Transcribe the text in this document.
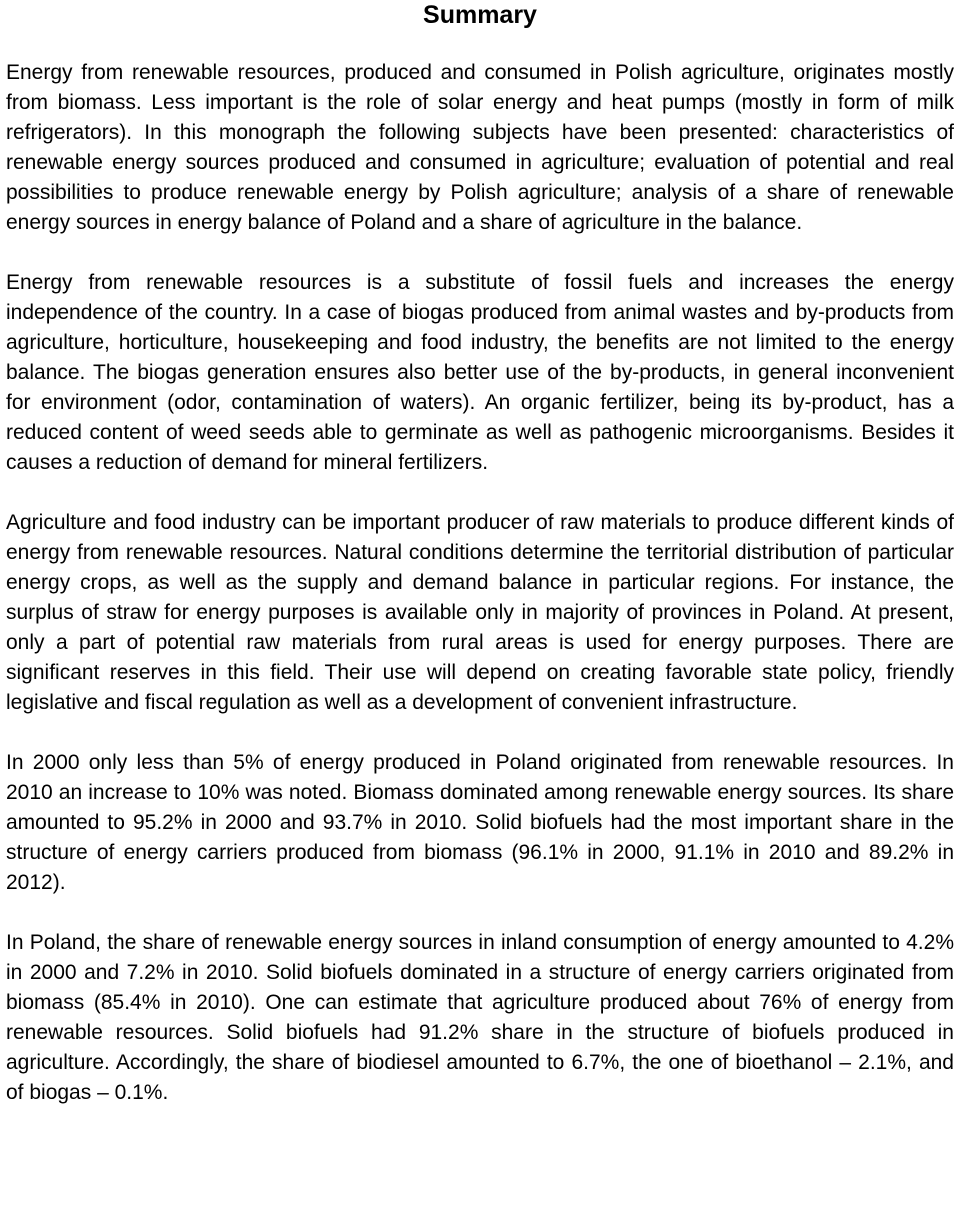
Summary

Energy from renewable resources, produced and consumed in Polish agriculture, originates mostly from biomass. Less important is the role of solar energy and heat pumps (mostly in form of milk refrigerators). In this monograph the following subjects have been presented: characteristics of renewable energy sources produced and consumed in agriculture; evaluation of potential and real possibilities to produce renewable energy by Polish agriculture; analysis of a share of renewable energy sources in energy balance of Poland and a share of agriculture in the balance.

Energy from renewable resources is a substitute of fossil fuels and increases the energy independence of the country. In a case of biogas produced from animal wastes and by-products from agriculture, horticulture, housekeeping and food industry, the benefits are not limited to the energy balance. The biogas generation ensures also better use of the by-products, in general inconvenient for environment (odor, contamination of waters). An organic fertilizer, being its by-product, has a reduced content of weed seeds able to germinate as well as pathogenic microorganisms. Besides it causes a reduction of demand for mineral fertilizers.

Agriculture and food industry can be important producer of raw materials to produce different kinds of energy from renewable resources. Natural conditions determine the territorial distribution of particular energy crops, as well as the supply and demand balance in particular regions. For instance, the surplus of straw for energy purposes is available only in majority of provinces in Poland. At present, only a part of potential raw materials from rural areas is used for energy purposes. There are significant reserves in this field. Their use will depend on creating favorable state policy, friendly legislative and fiscal regulation as well as a development of convenient infrastructure.

In 2000 only less than 5% of energy produced in Poland originated from renewable resources. In 2010 an increase to 10% was noted. Biomass dominated among renewable energy sources. Its share amounted to 95.2% in 2000 and 93.7% in 2010. Solid biofuels had the most important share in the structure of energy carriers produced from biomass (96.1% in 2000, 91.1% in 2010 and 89.2% in 2012).

In Poland, the share of renewable energy sources in inland consumption of energy amounted to 4.2% in 2000 and 7.2% in 2010. Solid biofuels dominated in a structure of energy carriers originated from biomass (85.4% in 2010). One can estimate that agriculture produced about 76% of energy from renewable resources. Solid biofuels had 91.2% share in the structure of biofuels produced in agriculture. Accordingly, the share of biodiesel amounted to 6.7%, the one of bioethanol – 2.1%, and of biogas – 0.1%.
